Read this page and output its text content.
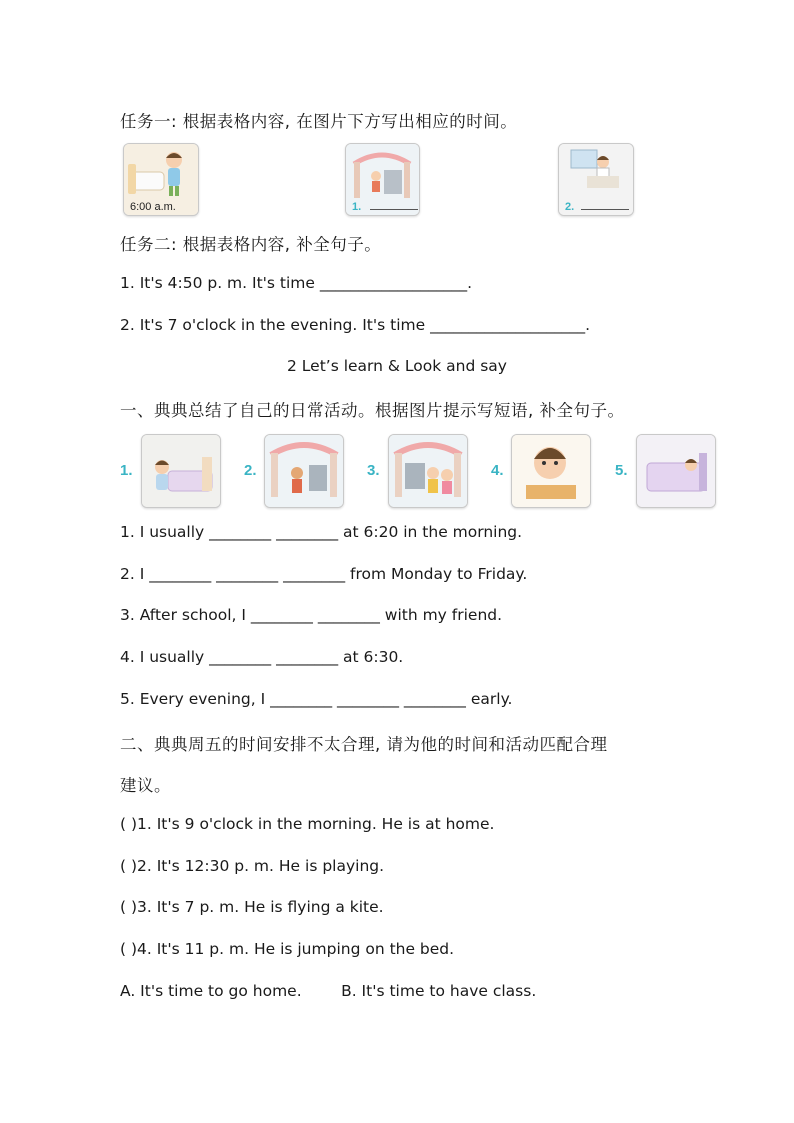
任务一: 根据表格内容, 在图片下方写出相应的时间。
6:00 a.m.	1.	2.
任务二: 根据表格内容, 补全句子。
1. It's 4:50 p. m. It's time ___________________.
2. It's 7 o'clock in the evening. It's time ____________________.
2 Let’s learn & Look and say
一、典典总结了自己的日常活动。根据图片提示写短语, 补全句子。
1.	2.	3.	4.	5.
1. I usually ________ ________ at 6:20 in the morning.
2. I ________ ________ ________ from Monday to Friday.
3. After school, I ________ ________ with my friend.
4. I usually ________ ________ at 6:30.
5. Every evening, I ________ ________ ________ early.
二、典典周五的时间安排不太合理, 请为他的时间和活动匹配合理
建议。
( )1. It's 9 o'clock in the morning. He is at home.
( )2. It's 12:30 p. m. He is playing.
( )3. It's 7 p. m. He is flying a kite.
( )4. It's 11 p. m. He is jumping on the bed.
A. It's time to go home.        B. It's time to have class.
